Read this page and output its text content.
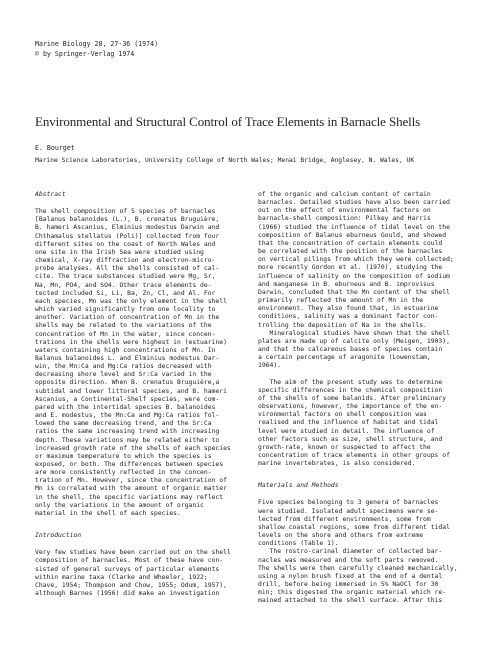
Marine Biology 28, 27-36 (1974)
© by Springer-Verlag 1974
Environmental and Structural Control of Trace Elements in Barnacle Shells
E. Bourget
Marine Science Laboratories, University College of North Wales; Menai Bridge, Anglesey, N. Wales, UK
Abstract
The shell composition of 5 species of barnacles
[Balanus balanoides (L.), B. crenatus Bruguière,
B. hameri Ascanius, Elminius modestus Darwin and
Chthamalus stellatus (Poli)] collected from four
different sites on the coast of North Wales and
one site in the Irish Sea were studied using
chemical, X-ray diffraction and electron-micro-
probe analyses. All the shells consisted of cal-
cite. The trace substances studied were Mg, Sr,
Na, Mn, PO4, and SO4. Other trace elements de-
tected included Si, Li, Ba, Zn, Cl, and Al. For
each species, Mn was the only element in the shell
which varied significantly from one locality to
another. Variation of concentration of Mn in the
shells may be related to the variations of the
concentration of Mn in the water, since concen-
trations in the shells were highest in (estuarine)
waters containing high concentrations of Mn. In
Balanus balanoides L. and Elminius modestus Dar-
win, the Mn:Ca and Mg:Ca ratios decreased with
decreasing shore level and Sr:Ca varied in the
opposite direction. When B. crenatus Bruguière,a
subtidal and lower littoral species, and B. hameri
Ascanius, a Continental-Shelf species, were com-
pared with the intertidal species B. balanoides
and E. modestus, the Mn:Ca and Mg:Ca ratios fol-
lowed the same decreasing trend, and the Sr:Ca
ratios the same increasing trend with increasing
depth. These variations may be related either to
increased growth rate of the shells of each species
or maximum temperature to which the species is
exposed, or both. The differences between species
are more consistently reflected in the concen-
tration of Mn. However, since the concentration of
Mn is correlated with the amount of organic matter
in the shell, the specific variations may reflect
only the variations in the amount of organic
material in the shell of each species.
Introduction
Very few studies have been carried out on the shell
composition of barnacles. Most of these have con-
sisted of general surveys of particular elements
within marine taxa (Clarke and Wheeler, 1922;
Chave, 1954; Thompson and Chow, 1955; Odum, 1957),
although Barnes (1956) did make an investigation
of the organic and calcium content of certain
barnacles. Detailed studies have also been carried
out on the effect of environmental factors on
barnacle-shell composition: Pilkey and Harris
(1966) studied the influence of tidal level on the
composition of Balanus eburneus Gould, and showed
that the concentration of certain elements could
be correlated with the position of the barnacles
on vertical pilings from which they were collected;
more recently Gordon et al. (1970), studying the
influence of salinity on the composition of sodium
and manganese in B. eburneus and B. improvisus
Darwin, concluded that the Mn content of the shell
primarily reflected the amount of Mn in the
environment. They also found that, in estuarine
conditions, salinity was a dominant factor con-
trolling the deposition of Na in the shells.
Mineralogical studies have shown that the shell
plates are made up of calcite only (Meigen, 1903),
and that the calcareous bases of species contain
a certain percentage of aragonite (Lowenstam,
1964).
The aim of the present study was to determine
specific differences in the chemical composition
of the shells of some balanids. After preliminary
observations, however, the importance of the en-
vironmental factors on shell composition was
realised and the influence of habitat and tidal
level were studied in detail. The influence of
other factors such as size, shell structure, and
growth-rate, known or suspected to affect the
concentration of trace elements in other groups of
marine invertebrates, is also considered.
Materials and Methods
Five species belonging to 3 genera of barnacles
were studied. Isolated adult specimens were se-
lected from different environments, some from
shallow coastal regions, some from different tidal
levels on the shore and others from extreme
conditions (Table 1).
The rostro-carinal diameter of collected bar-
nacles was measured and the soft parts removed.
The shells were then carefully cleaned mechanically,
using a nylon brush fixed at the end of a dental
drill, before being immersed in 5% NaOCl for 30
min; this digested the organic material which re-
mained attached to the shell surface. After this
